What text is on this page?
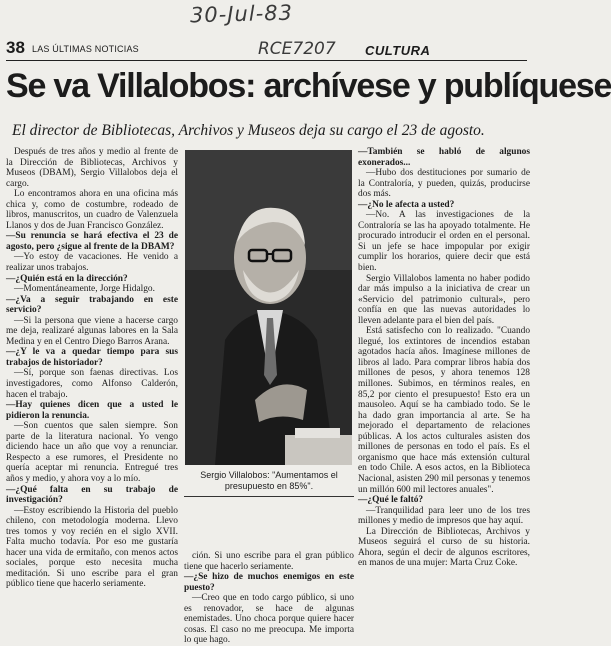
30-Jul-83
RCE7207
38 LAS ÚLTIMAS NOTICIAS	CULTURA
Se va Villalobos: archívese y publíquese
El director de Bibliotecas, Archivos y Museos deja su cargo el 23 de agosto.

Después de tres años y medio al frente de la Dirección de Bibliotecas, Archivos y Museos (DBAM), Sergio Villalobos deja el cargo.

Lo encontramos ahora en una oficina más chica y, como de costumbre, rodeado de libros, manuscritos, un cuadro de Valenzuela Llanos y dos de Juan Francisco González.

—Su renuncia se hará efectiva el 23 de agosto, pero ¿sigue al frente de la DBAM?

—Yo estoy de vacaciones. He venido a realizar unos trabajos.

—¿Quién está en la dirección?

—Momentáneamente, Jorge Hidalgo.

—¿Va a seguir trabajando en este servicio?

—Si la persona que viene a hacerse cargo me deja, realizaré algunas labores en la Sala Medina y en el Centro Diego Barros Arana.

—¿Y le va a quedar tiempo para sus trabajos de historiador?

—Sí, porque son faenas directivas. Los investigadores, como Alfonso Calderón, hacen el trabajo.

—Hay quienes dicen que a usted le pidieron la renuncia.

—Son cuentos que salen siempre. Son parte de la literatura nacional. Yo vengo diciendo hace un año que voy a renunciar. Respecto a ese rumores, el Presidente no quería aceptar mi renuncia. Entregué tres años y medio, y ahora voy a lo mío.

—¿Qué falta en su trabajo de investigación?

—Estoy escribiendo la Historia del pueblo chileno, con metodología moderna. Llevo tres tomos y voy recién en el siglo XVII. Falta mucho todavía. Por eso me gustaría hacer una vida de ermitaño, con menos actos sociales, porque esto necesita mucha meditación. Si uno escribe para el gran público tiene que hacerlo seriamente.

Sergio Villalobos: "Aumentamos el presupuesto en 85%".

ción. Si uno escribe para el gran público tiene que hacerlo seriamente.

—¿Se hizo de muchos enemigos en este puesto?

—Creo que en todo cargo público, si uno es renovador, se hace de algunas enemistades. Uno choca porque quiere hacer cosas. El caso no me preocupa. Me importa lo que hago.

—También se habló de algunos exonerados...

—Hubo dos destituciones por sumario de la Contraloría, y pueden, quizás, producirse dos más.

—¿No le afecta a usted?

—No. A las investigaciones de la Contraloría se las ha apoyado totalmente. He procurado introducir el orden en el personal. Si un jefe se hace impopular por exigir cumplir los horarios, quiere decir que está bien.

Sergio Villalobos lamenta no haber podido dar más impulso a la iniciativa de crear un «Servicio del patrimonio cultural», pero confía en que las nuevas autoridades lo lleven adelante para el bien del país.

Está satisfecho con lo realizado. "Cuando llegué, los extintores de incendios estaban agotados hacía años. Imagínese millones de libros al lado. Para comprar libros había dos millones de pesos, y ahora tenemos 128 millones. Subimos, en términos reales, en 85,2 por ciento el presupuesto! Esto era un mausoleo. Aquí se ha cambiado todo. Se le ha dado gran importancia al arte. Se ha mejorado el departamento de relaciones públicas. A los actos culturales asisten dos millones de personas en todo el país. Es el organismo que hace más extensión cultural en todo Chile. A esos actos, en la Biblioteca Nacional, asisten 290 mil personas y tenemos un millón 600 mil lectores anuales".

—¿Qué le faltó?

—Tranquilidad para leer uno de los tres millones y medio de impresos que hay aquí.

La Dirección de Bibliotecas, Archivos y Museos seguirá el curso de su historia. Ahora, según el decir de algunos escritores, en manos de una mujer: Marta Cruz Coke.
